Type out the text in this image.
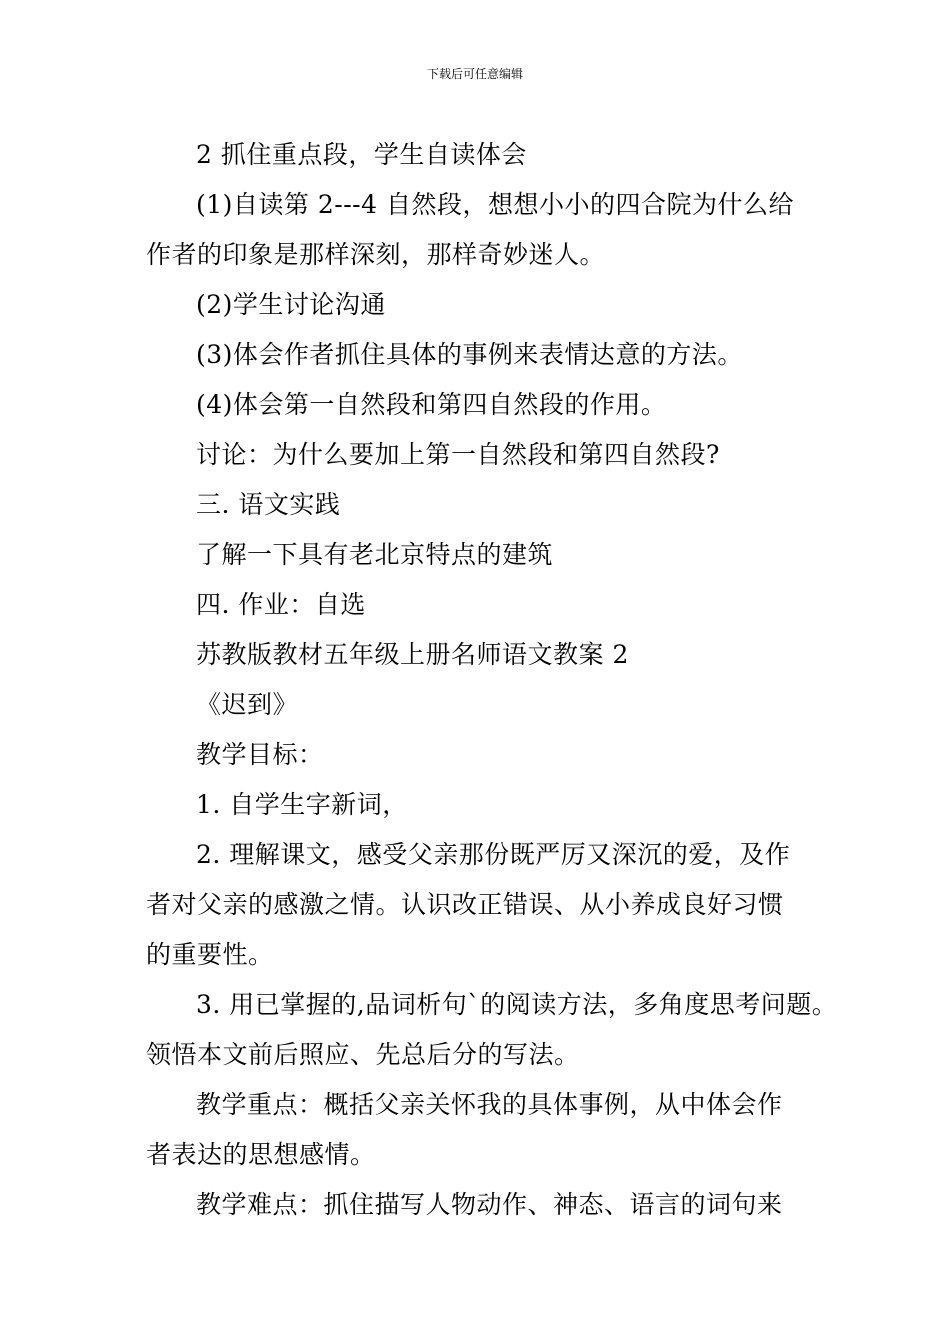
下载后可任意编辑
2 抓住重点段，学生自读体会
(1)自读第 2---4 自然段，想想小小的四合院为什么给
作者的印象是那样深刻，那样奇妙迷人。
(2)学生讨论沟通
(3)体会作者抓住具体的事例来表情达意的方法。
(4)体会第一自然段和第四自然段的作用。
讨论：为什么要加上第一自然段和第四自然段?
三. 语文实践
了解一下具有老北京特点的建筑
四. 作业：自选
苏教版教材五年级上册名师语文教案 2
《迟到》
教学目标：
1. 自学生字新词，
2. 理解课文，感受父亲那份既严厉又深沉的爱，及作
者对父亲的感激之情。认识改正错误、从小养成良好习惯
的重要性。
3. 用已掌握的,品词析句`的阅读方法，多角度思考问题。
领悟本文前后照应、先总后分的写法。
教学重点：概括父亲关怀我的具体事例，从中体会作
者表达的思想感情。
教学难点：抓住描写人物动作、神态、语言的词句来
